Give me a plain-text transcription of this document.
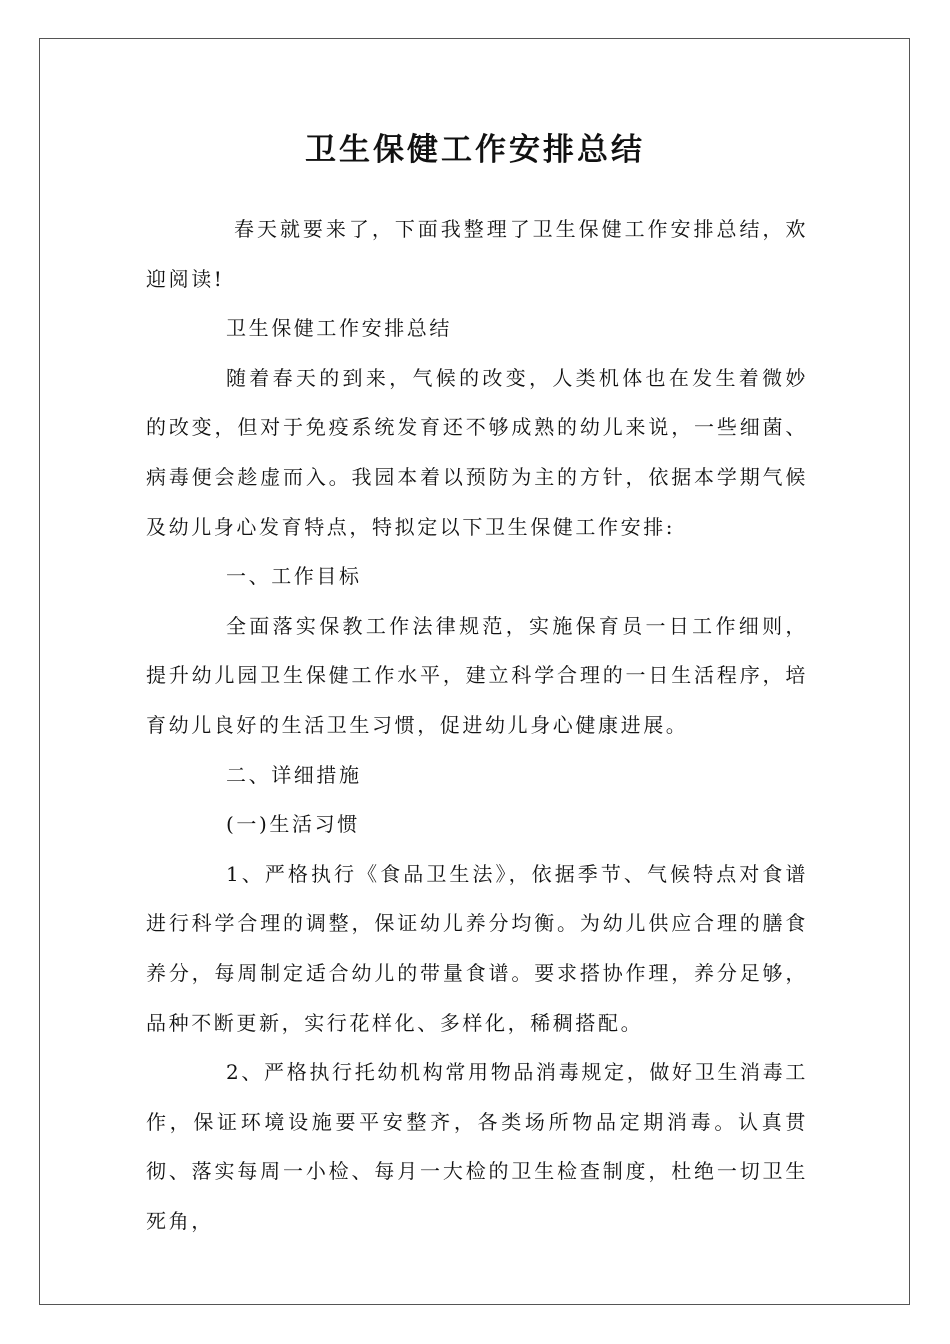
卫生保健工作安排总结

春天就要来了，下面我整理了卫生保健工作安排总结，欢迎阅读!

卫生保健工作安排总结

随着春天的到来，气候的改变，人类机体也在发生着微妙的改变，但对于免疫系统发育还不够成熟的幼儿来说，一些细菌、病毒便会趁虚而入。我园本着以预防为主的方针，依据本学期气候及幼儿身心发育特点，特拟定以下卫生保健工作安排:

一、工作目标

全面落实保教工作法律规范，实施保育员一日工作细则，提升幼儿园卫生保健工作水平，建立科学合理的一日生活程序，培育幼儿良好的生活卫生习惯，促进幼儿身心健康进展。

二、详细措施

(一)生活习惯

1、严格执行《食品卫生法》，依据季节、气候特点对食谱进行科学合理的调整，保证幼儿养分均衡。为幼儿供应合理的膳食养分，每周制定适合幼儿的带量食谱。要求搭协作理，养分足够，品种不断更新，实行花样化、多样化，稀稠搭配。

2、严格执行托幼机构常用物品消毒规定，做好卫生消毒工作，保证环境设施要平安整齐，各类场所物品定期消毒。认真贯彻、落实每周一小检、每月一大检的卫生检查制度，杜绝一切卫生死角，
